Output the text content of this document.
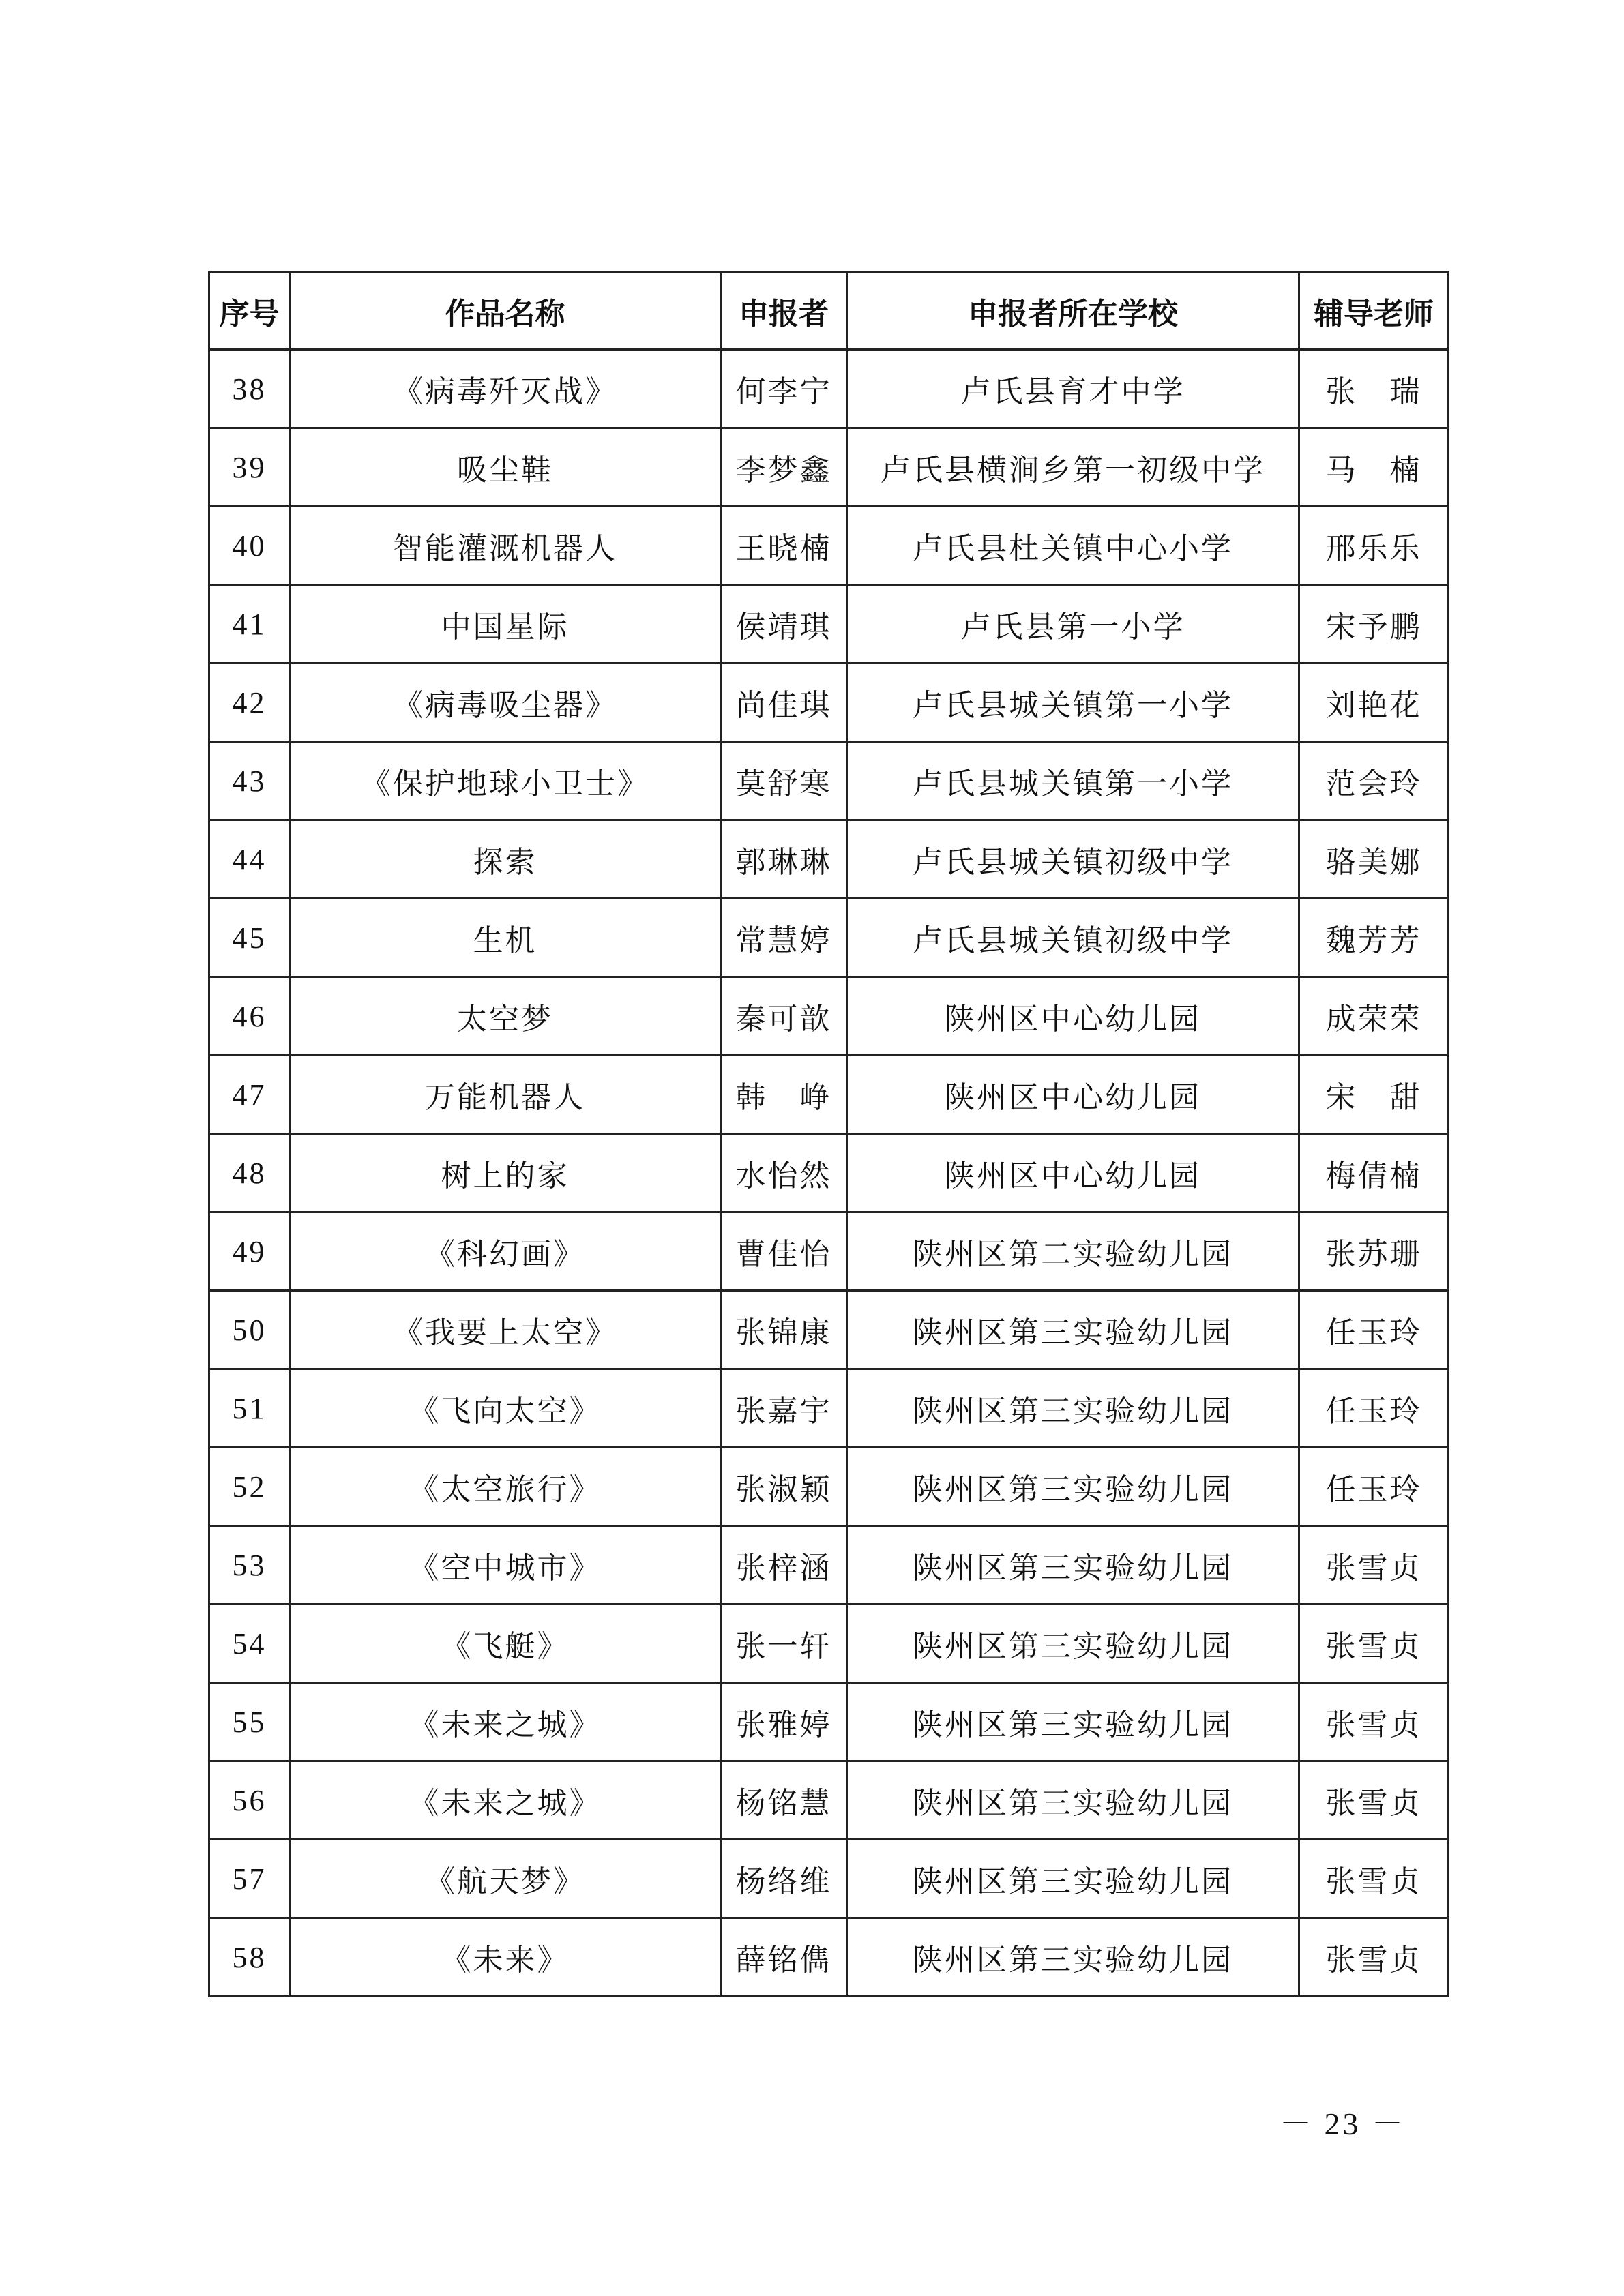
序号	作品名称	申报者	申报者所在学校	辅导老师
38	《病毒歼灭战》	何李宁	卢氏县育才中学	张　瑞
39	吸尘鞋	李梦鑫	卢氏县横涧乡第一初级中学	马　楠
40	智能灌溉机器人	王晓楠	卢氏县杜关镇中心小学	邢乐乐
41	中国星际	侯靖琪	卢氏县第一小学	宋予鹏
42	《病毒吸尘器》	尚佳琪	卢氏县城关镇第一小学	刘艳花
43	《保护地球小卫士》	莫舒寒	卢氏县城关镇第一小学	范会玲
44	探索	郭琳琳	卢氏县城关镇初级中学	骆美娜
45	生机	常慧婷	卢氏县城关镇初级中学	魏芳芳
46	太空梦	秦可歆	陕州区中心幼儿园	成荣荣
47	万能机器人	韩　峥	陕州区中心幼儿园	宋　甜
48	树上的家	水怡然	陕州区中心幼儿园	梅倩楠
49	《科幻画》	曹佳怡	陕州区第二实验幼儿园	张苏珊
50	《我要上太空》	张锦康	陕州区第三实验幼儿园	任玉玲
51	《飞向太空》	张嘉宇	陕州区第三实验幼儿园	任玉玲
52	《太空旅行》	张淑颖	陕州区第三实验幼儿园	任玉玲
53	《空中城市》	张梓涵	陕州区第三实验幼儿园	张雪贞
54	《飞艇》	张一轩	陕州区第三实验幼儿园	张雪贞
55	《未来之城》	张雅婷	陕州区第三实验幼儿园	张雪贞
56	《未来之城》	杨铭慧	陕州区第三实验幼儿园	张雪贞
57	《航天梦》	杨络维	陕州区第三实验幼儿园	张雪贞
58	《未来》	薛铭儁	陕州区第三实验幼儿园	张雪贞
－ 23 －
